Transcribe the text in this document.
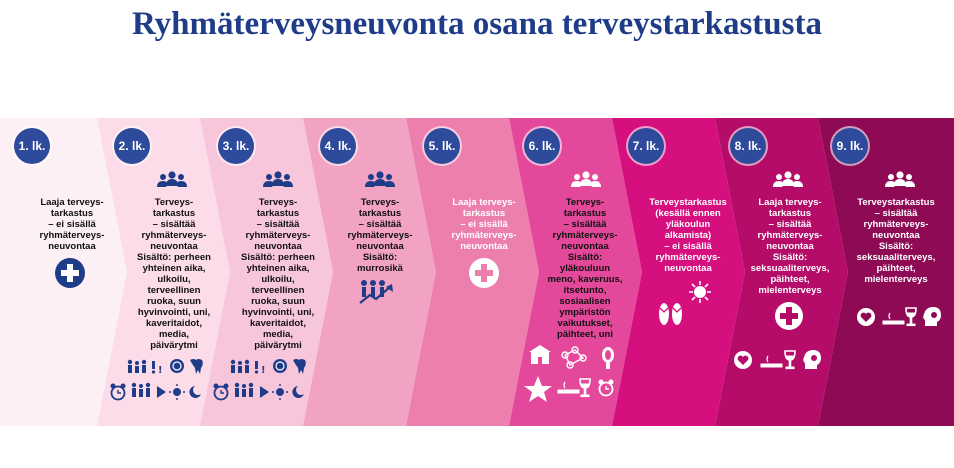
Ryhmäterveysneuvonta osana terveystarkastusta
1. lk.	2. lk.	3. lk.	4. lk.	5. lk.	6. lk.	7. lk.	8. lk.	9. lk.
Laaja terveys-
tarkastus
– ei sisällä
ryhmäterveys-
neuvontaa
Terveys-
tarkastus
– sisältää
ryhmäterveys-
neuvontaa
Sisältö: perheen
yhteinen aika,
ulkoilu,
terveellinen
ruoka, suun
hyvinvointi, uni,
kaveritaidot,
media,
päivärytmi
Terveys-
tarkastus
– sisältää
ryhmäterveys-
neuvontaa
Sisältö: perheen
yhteinen aika,
ulkoilu,
terveellinen
ruoka, suun
hyvinvointi, uni,
kaveritaidot,
media,
päivärytmi
Terveys-
tarkastus
– sisältää
ryhmäterveys-
neuvontaa
Sisältö:
murrosikä
Laaja terveys-
tarkastus
– ei sisällä
ryhmäterveys-
neuvontaa
Terveys-
tarkastus
– sisältää
ryhmäterveys-
neuvontaa
Sisältö:
yläkouluun
meno, kaveruus,
itsetunto,
sosiaalisen
ympäristön
vaikutukset,
päihteet, uni
Terveystarkastus
(kesällä ennen
yläkoulun
alkamista)
– ei sisällä
ryhmäterveys-
neuvontaa
Laaja terveys-
tarkastus
– sisältää
ryhmäterveys-
neuvontaa
Sisältö:
seksuaaliterveys,
päihteet,
mielenterveys
Terveystarkastus
– sisältää
ryhmäterveys-
neuvontaa
Sisältö:
seksuaaliterveys,
päihteet,
mielenterveys
!	!
